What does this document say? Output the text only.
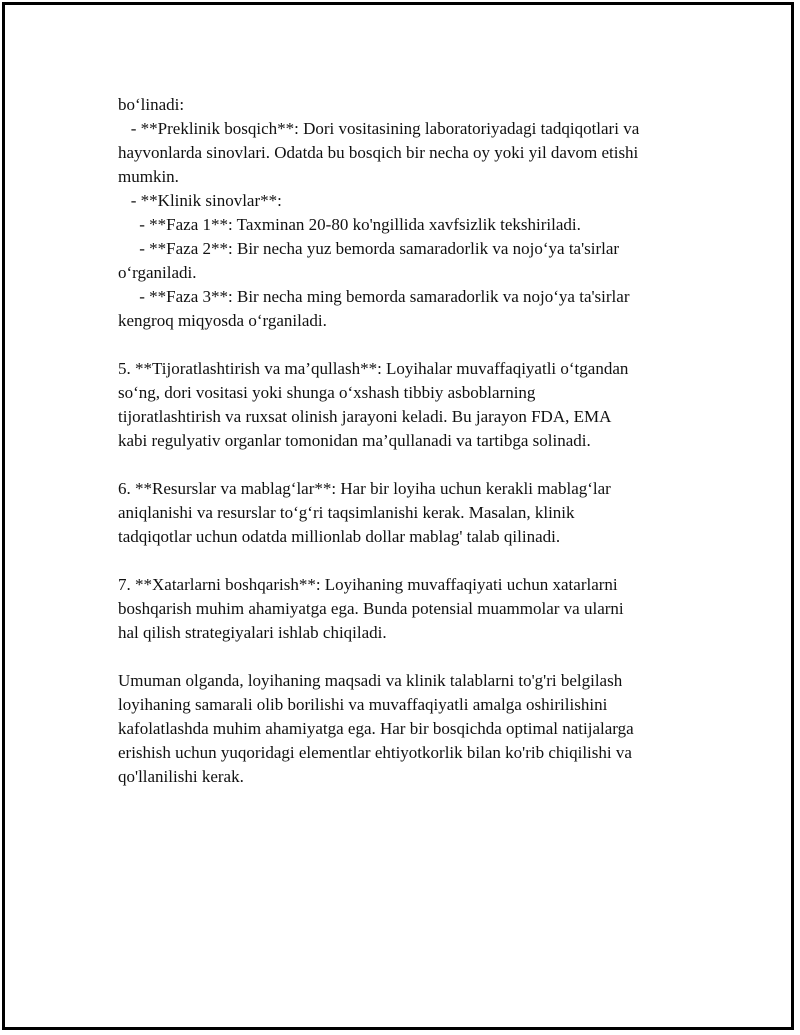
bo‘linadi:
- **Preklinik bosqich**: Dori vositasining laboratoriyadagi tadqiqotlari va
hayvonlarda sinovlari. Odatda bu bosqich bir necha oy yoki yil davom etishi
mumkin.
- **Klinik sinovlar**:
- **Faza 1**: Taxminan 20-80 ko'ngillida xavfsizlik tekshiriladi.
- **Faza 2**: Bir necha yuz bemorda samaradorlik va nojo‘ya ta'sirlar
o‘rganiladi.
- **Faza 3**: Bir necha ming bemorda samaradorlik va nojo‘ya ta'sirlar
kengroq miqyosda o‘rganiladi.
5. **Tijoratlashtirish va ma’qullash**: Loyihalar muvaffaqiyatli o‘tgandan
so‘ng, dori vositasi yoki shunga o‘xshash tibbiy asboblarning
tijoratlashtirish va ruxsat olinish jarayoni keladi. Bu jarayon FDA, EMA
kabi regulyativ organlar tomonidan ma’qullanadi va tartibga solinadi.
6. **Resurslar va mablag‘lar**: Har bir loyiha uchun kerakli mablag‘lar
aniqlanishi va resurslar to‘g‘ri taqsimlanishi kerak. Masalan, klinik
tadqiqotlar uchun odatda millionlab dollar mablag' talab qilinadi.
7. **Xatarlarni boshqarish**: Loyihaning muvaffaqiyati uchun xatarlarni
boshqarish muhim ahamiyatga ega. Bunda potensial muammolar va ularni
hal qilish strategiyalari ishlab chiqiladi.
Umuman olganda, loyihaning maqsadi va klinik talablarni to'g'ri belgilash
loyihaning samarali olib borilishi va muvaffaqiyatli amalga oshirilishini
kafolatlashda muhim ahamiyatga ega. Har bir bosqichda optimal natijalarga
erishish uchun yuqoridagi elementlar ehtiyotkorlik bilan ko'rib chiqilishi va
qo'llanilishi kerak.
